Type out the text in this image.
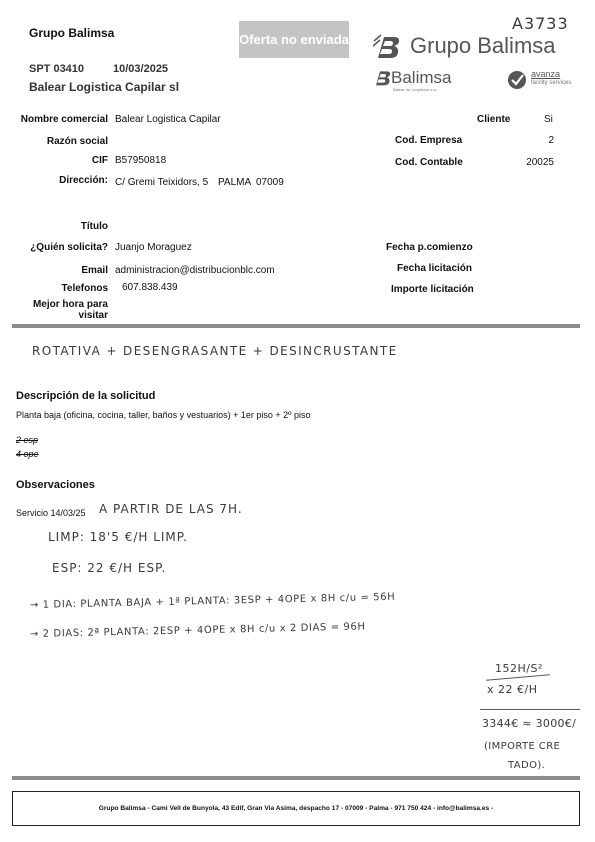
Grupo Balimsa
SPT 03410	10/03/2025
Balear Logistica Capilar sl
Oferta no enviada
A3733
Grupo Balimsa
Balimsa
Balear de Limpiezas s.a.
avanza
facility services
Nombre comercial Balear Logistica Capilar
Razón social
CIF B57950818
Dirección: C/ Gremi Teixidors, 5 PALMA 07009
Cliente	Si
Cod. Empresa	2
Cod. Contable	20025
Título
¿Quién solicita? Juanjo Moraguez
Email administracion@distribucionblc.com
Telefonos 607.838.439
Mejor hora para visitar
Fecha p.comienzo
Fecha licitación
Importe licitación
ROTATIVA + DESENGRASANTE + DESINCRUSTANTE
Descripción de la solicitud
Planta baja (oficina, cocina, taller, baños y vestuarios) + 1er piso + 2º piso
2 esp
4 ope
Observaciones
Servicio 14/03/25 A PARTIR DE LAS 7H.
LIMP: 18'5 €/H LIMP.
ESP: 22 €/H ESP.
→ 1 DIA: PLANTA BAJA + 1ª PLANTA: 3ESP + 4OPE x 8H c/u = 56H
→ 2 DIAS: 2ª PLANTA: 2ESP + 4OPE x 8H c/u x 2 DIAS = 96H
152H/S²
x 22 €/H
3344€ ≈ 3000€/
(IMPORTE CRE
TADO).
Grupo Balimsa - Cami Vell de Bunyola, 43 Edif, Gran Via Asima, despacho 17 - 07009 - Palma - 971 750 424 - info@balimsa.es -
